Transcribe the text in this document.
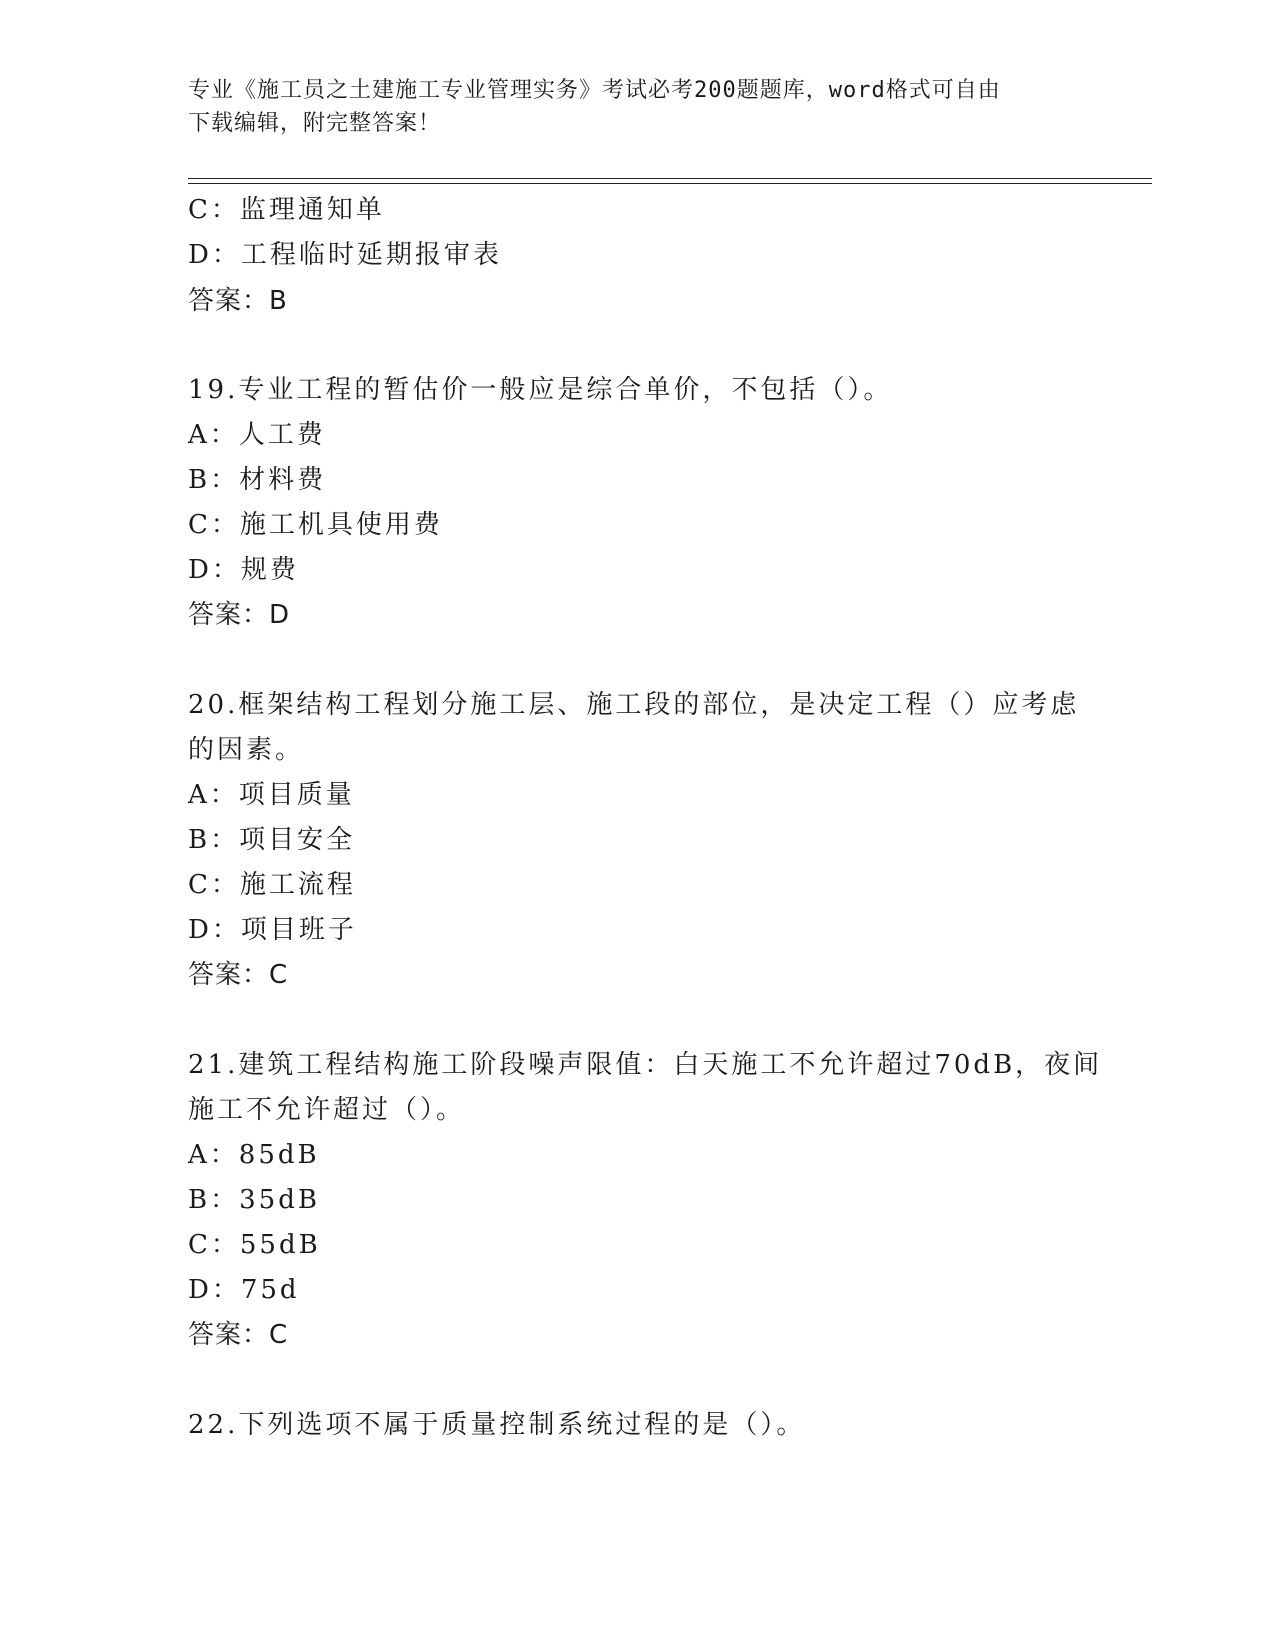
专业《施工员之土建施工专业管理实务》考试必考200题题库，word格式可自由
下载编辑，附完整答案！
C：监理通知单
D：工程临时延期报审表
答案：B
19.专业工程的暂估价一般应是综合单价，不包括（）。
A：人工费
B：材料费
C：施工机具使用费
D：规费
答案：D
20.框架结构工程划分施工层、施工段的部位，是决定工程（）应考虑
的因素。
A：项目质量
B：项目安全
C：施工流程
D：项目班子
答案：C
21.建筑工程结构施工阶段噪声限值：白天施工不允许超过70dB，夜间
施工不允许超过（）。
A：85dB
B：35dB
C：55dB
D：75d
答案：C
22.下列选项不属于质量控制系统过程的是（）。
